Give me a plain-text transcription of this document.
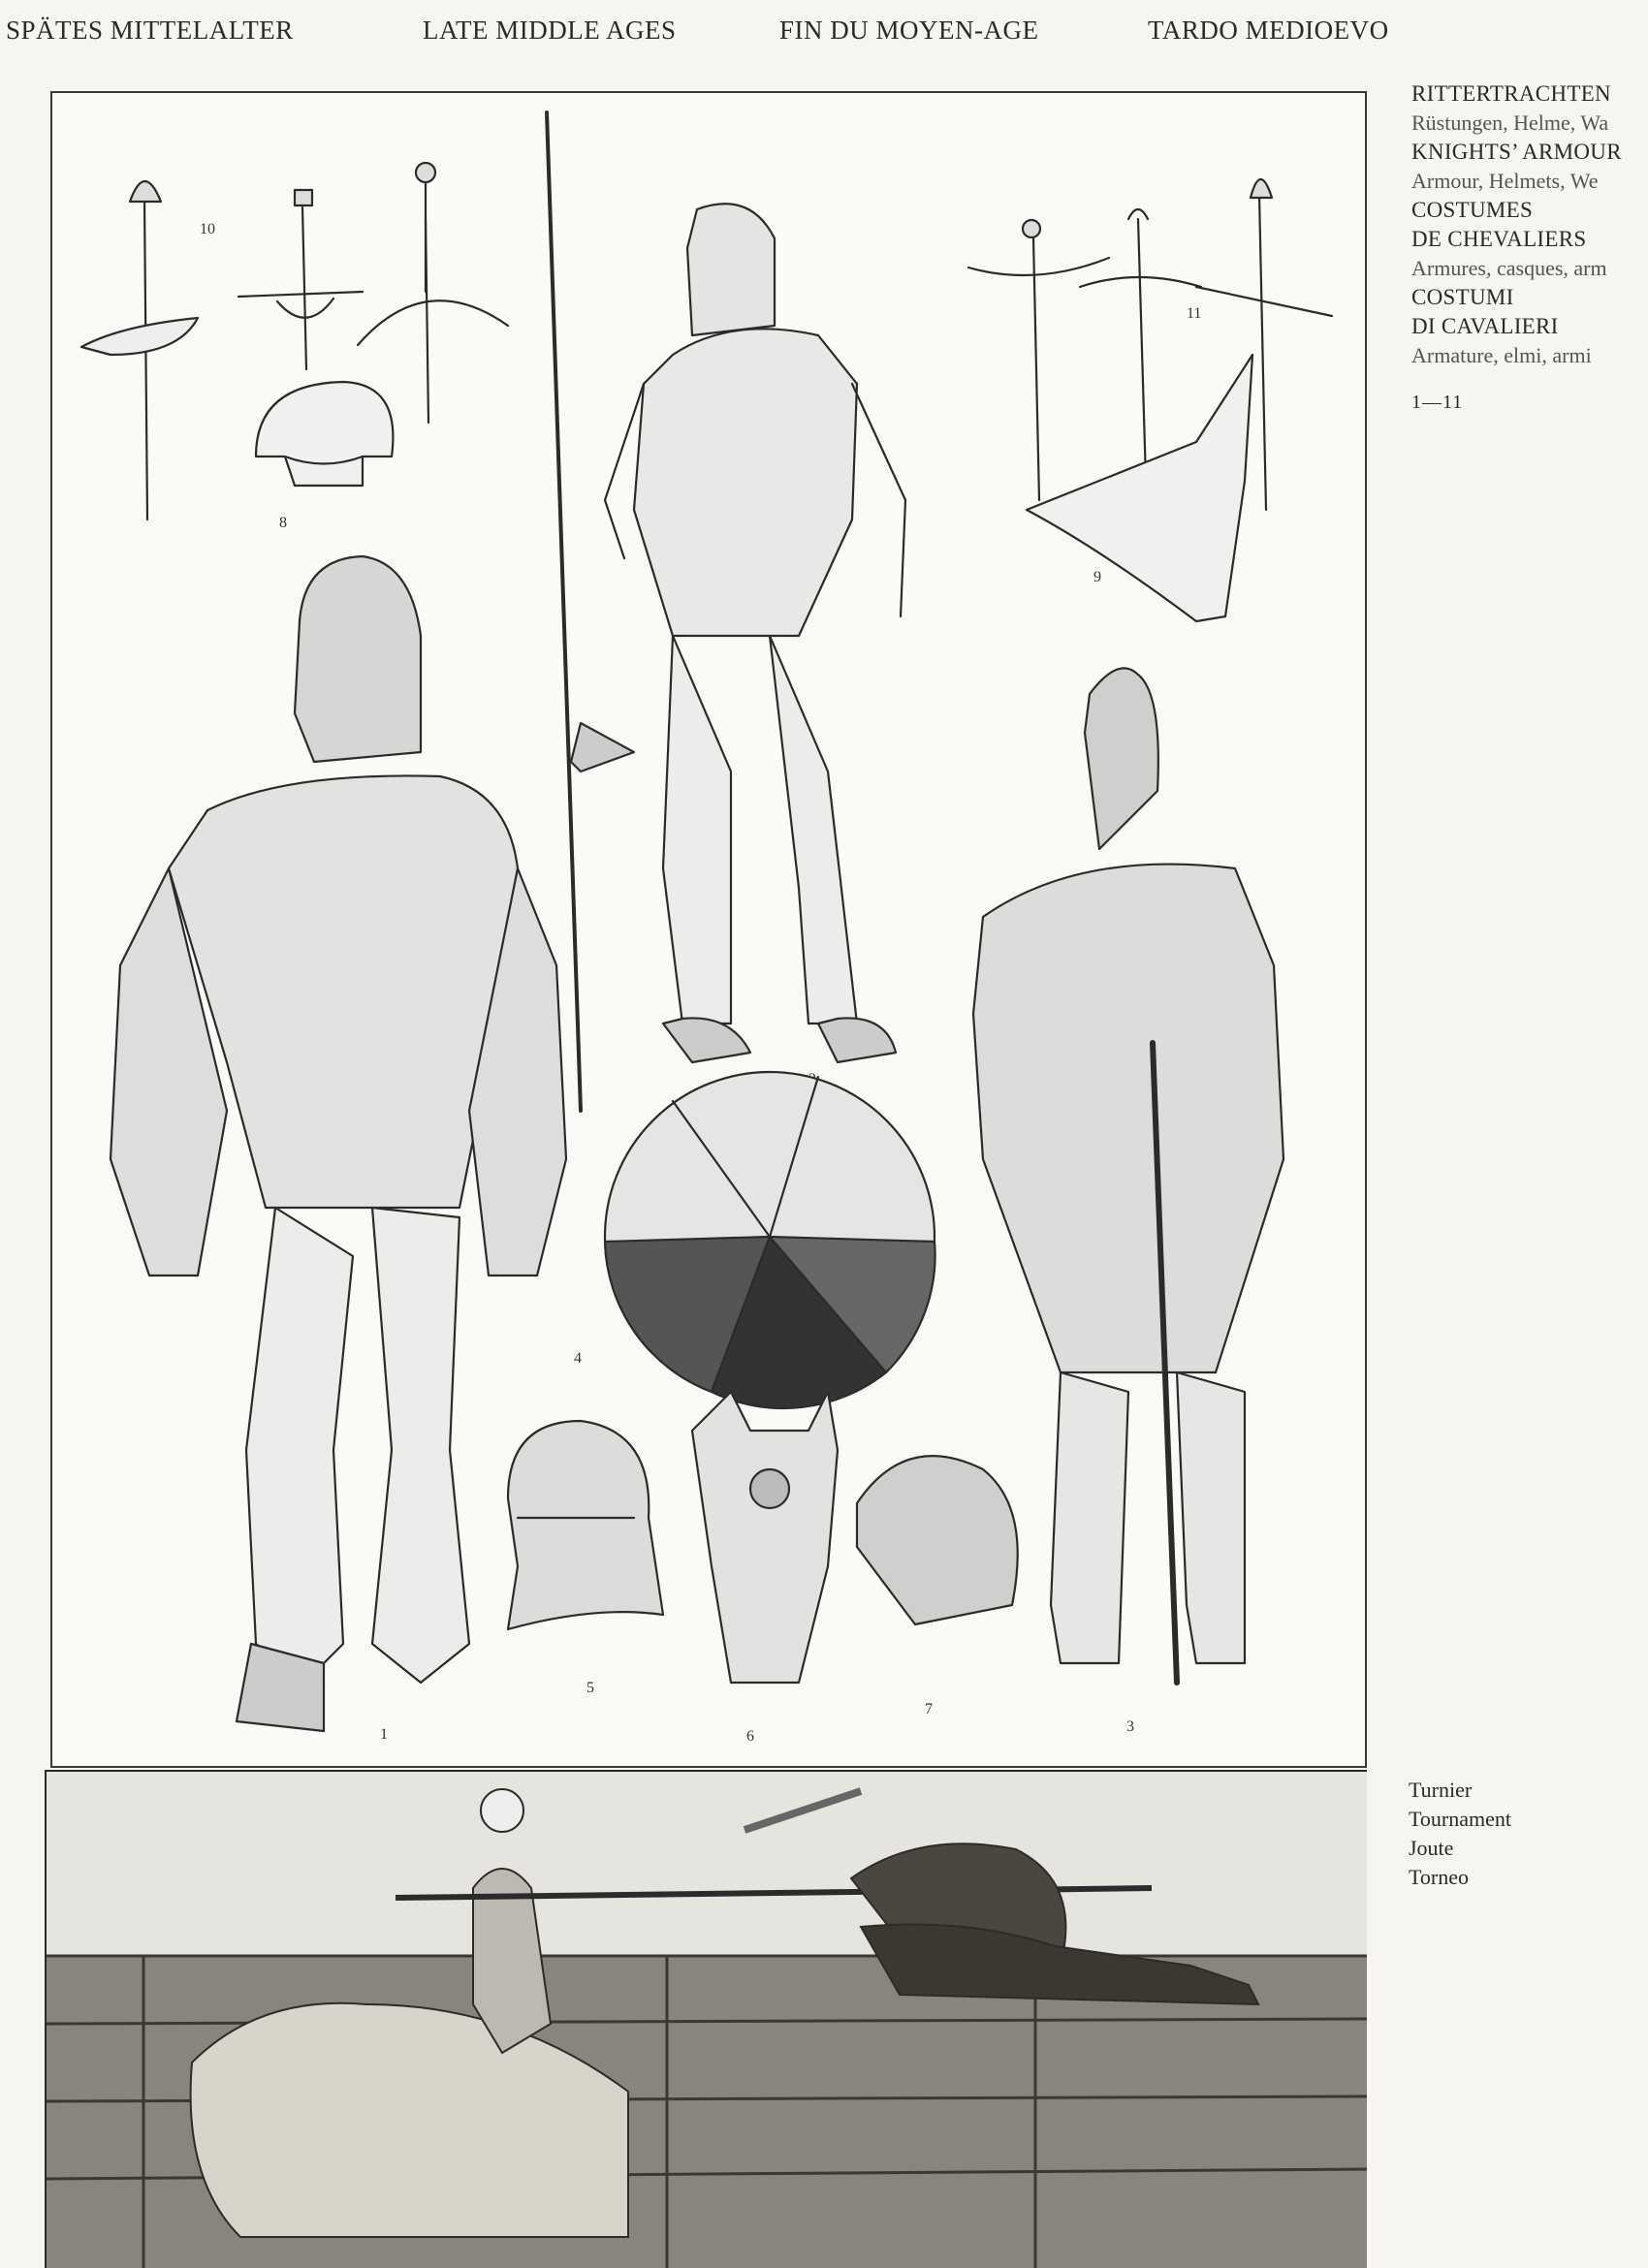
SPÄTES MITTELALTER	LATE MIDDLE AGES	FIN DU MOYEN-AGE	TARDO MEDIOEVO
10
8
11
9
1
4
5
6
7
3
RITTERTRACHTEN
Rüstungen, Helme, Wa
KNIGHTS’ ARMOUR
Armour, Helmets, We
COSTUMES
DE CHEVALIERS
Armures, casques, arm
COSTUMI
DI CAVALIERI
Armature, elmi, armi
1—11
Turnier
Tournament
Joute
Torneo
